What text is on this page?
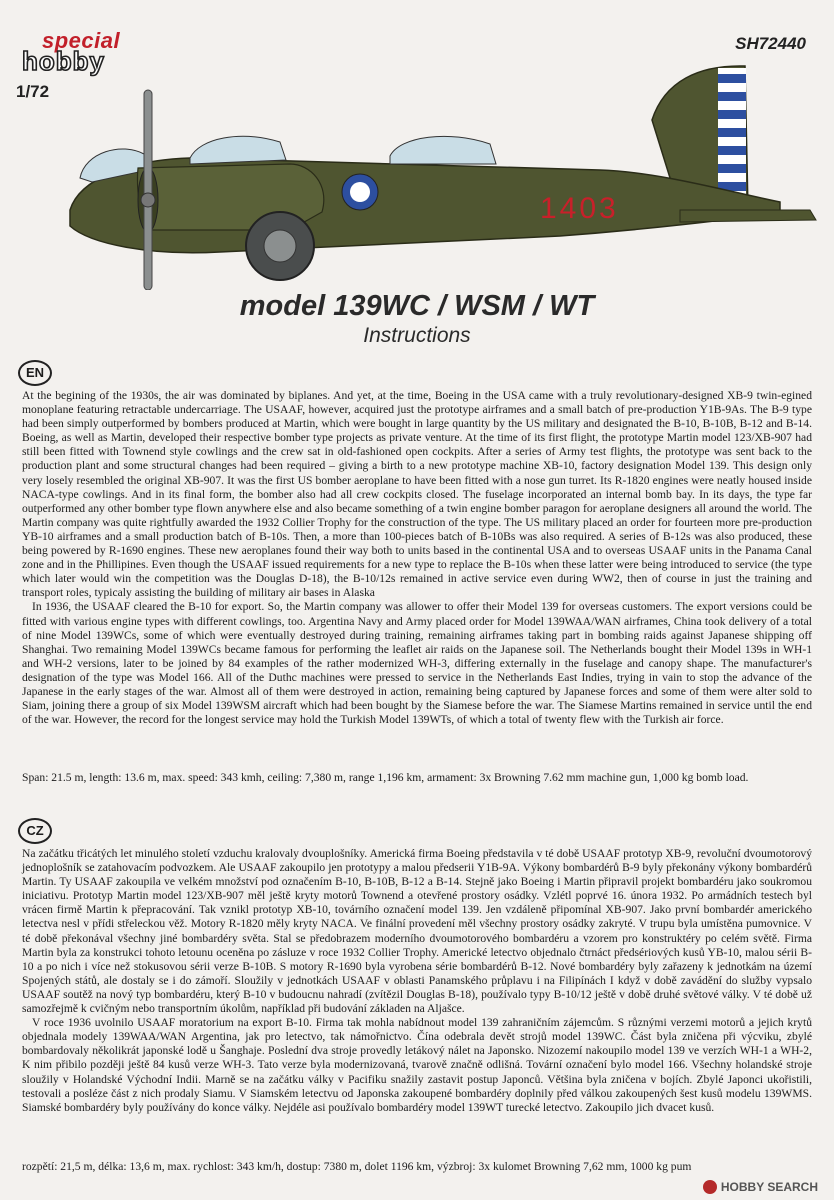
special
hobby
1/72
SH72440
1403
model 139WC / WSM / WT
Instructions
EN

At the begining of the 1930s, the air was dominated by biplanes. And yet, at the time, Boeing in the USA came with a truly revolutionary-designed XB-9 twin-egined monoplane featuring retractable undercarriage. The USAAF, however, acquired just the prototype airframes and a small batch of pre-production Y1B-9As. The B-9 type had been simply outperformed by bombers produced at Martin, which were bought in large quantity by the US military and designated the B-10, B-10B, B-12 and B-14. Boeing, as well as Martin, developed their respective bomber type projects as private venture. At the time of its first flight, the prototype Martin model 123/XB-907 had still been fitted with Townend style cowlings and the crew sat in old-fashioned open cockpits. After a series of Army test flights, the prototype was sent back to the production plant and some structural changes had been required – giving a birth to a new prototype machine XB-10, factory designation Model 139. This design only very losely resembled the original XB-907. It was the first US bomber aeroplane to have been fitted with a nose gun turret. Its R-1820 engines were neatly housed inside NACA-type cowlings. And in its final form, the bomber also had all crew cockpits closed. The fuselage incorporated an internal bomb bay. In its days, the type far outperformed any other bomber type flown anywhere else and also became something of a twin engine bomber paragon for aeroplane designers all around the world. The Martin company was quite rightfully awarded the 1932 Collier Trophy for the construction of the type. The US military placed an order for fourteen more pre-production YB-10 airframes and a small production batch of B-10s. Then, a more than 100-pieces batch of B-10Bs was also required. A series of B-12s was also produced, these being powered by R-1690 engines. These new aeroplanes found their way both to units based in the continental USA and to overseas USAAF units in the Panama Canal zone and in the Phillipines. Even though the USAAF issued requirements for a new type to replace the B-10s when these latter were being introduced to service (the type which later would win the competition was the Douglas D-18), the B-10/12s remained in active service even during WW2, then of course in just the training and transport roles, typicaly assisting the building of military air bases in Alaska

In 1936, the USAAF cleared the B-10 for export. So, the Martin company was allower to offer their Model 139 for overseas customers. The export versions could be fitted with various engine types with different cowlings, too. Argentina Navy and Army placed order for Model 139WAA/WAN airframes, China took delivery of a total of nine Model 139WCs, some of which were eventually destroyed during training, remaining airframes taking part in bombing raids against Japanese shipping off Shanghai. Two remaining Model 139WCs became famous for performing the leaflet air raids on the Japanese soil. The Netherlands bought their Model 139s in WH-1 and WH-2 versions, later to be joined by 84 examples of the rather modernized WH-3, differing externally in the fuselage and canopy shape. The manufacturer's designation of the type was Model 166. All of the Duthc machines were pressed to service in the Netherlands East Indies, trying in vain to stop the advance of the Japanese in the early stages of the war. Almost all of them were destroyed in action, remaining being captured by Japanese forces and some of them were alter sold to Siam, joining there a group of six Model 139WSM aircraft which had been bought by the Siamese before the war. The Siamese Martins remained in service until the end of the war. However, the record for the longest service may hold the Turkish Model 139WTs, of which a total of twenty flew with the Turkish air force.

Span: 21.5 m, length: 13.6 m, max. speed: 343 kmh, ceiling: 7,380 m, range 1,196 km, armament: 3x Browning 7.62 mm machine gun, 1,000 kg bomb load.
CZ

Na začátku třicátých let minulého století vzduchu kralovaly dvouplošníky. Americká firma Boeing představila v té době USAAF prototyp XB-9, revoluční dvoumotorový jednoplošník se zatahovacím podvozkem. Ale USAAF zakoupilo jen prototypy a malou předserii Y1B-9A. Výkony bombardérů B-9 byly překonány výkony bombardérů Martin. Ty USAAF zakoupila ve velkém množství pod označením B-10, B-10B, B-12 a B-14. Stejně jako Boeing i Martin připravil projekt bombardéru jako soukromou iniciativu. Prototyp Martin model 123/XB-907 měl ještě kryty motorů Townend a otevřené prostory osádky. Vzlétl poprvé 16. února 1932. Po armádních testech byl vrácen firmě Martin k přepracování. Tak vznikl prototyp XB-10, továrního označení model 139. Jen vzdáleně připomínal XB-907. Jako první bombardér amerického letectva nesl v přídi střeleckou věž. Motory R-1820 měly kryty NACA. Ve finální provedení měl všechny prostory osádky zakryté. V trupu byla umístěna pumovnice. V té době překonával všechny jiné bombardéry světa. Stal se předobrazem moderního dvoumotorového bombardéru a vzorem pro konstruktéry po celém světě. Firma Martin byla za konstrukci tohoto letounu oceněna po zásluze v roce 1932 Collier Trophy. Americké letectvo objednalo čtrnáct předsériových kusů YB-10, malou sérii B-10 a po nich i více než stokusovou sérii verze B-10B. S motory R-1690 byla vyrobena série bombardérů B-12. Nové bombardéry byly zařazeny k jednotkám na území Spojených států, ale dostaly se i do zámoří. Sloužily v jednotkách USAAF v oblasti Panamského průplavu i na Filipínách I když v době zavádění do služby vypsalo USAAF soutěž na nový typ bombardéru, který B-10 v budoucnu nahradí (zvítězil Douglas B-18), používalo typy B-10/12 ještě v době druhé světové války. V té době už samozřejmě k cvičným nebo transportním úkolům, například při budování základen na Aljašce.

V roce 1936 uvolnilo USAAF moratorium na export B-10. Firma tak mohla nabídnout model 139 zahraničním zájemcům. S různými verzemi motorů a jejich krytů objednala modely 139WAA/WAN Argentina, jak pro letectvo, tak námořnictvo. Čína odebrala devět strojů model 139WC. Část byla zničena při výcviku, zbylé bombardovaly několikrát japonské lodě u Šanghaje. Poslední dva stroje provedly letákový nálet na Japonsko. Nizozemí nakoupilo model 139 ve verzích WH-1 a WH-2, K nim přibilo později ještě 84 kusů verze WH-3. Tato verze byla modernizovaná, tvarově značně odlišná. Tovární označení bylo model 166. Všechny holandské stroje sloužily v Holandské Východní Indii. Marně se na začátku války v Pacifiku snažily zastavit postup Japonců. Většina byla zničena v bojích. Zbylé Japonci ukořistili, testovali a posléze část z nich prodaly Siamu. V Siamském letectvu od Japonska zakoupené bombardéry doplnily před válkou zakoupených šest kusů modelu 139WMS. Siamské bombardéry byly používány do konce války. Nejdéle asi používalo bombardéry model 139WT turecké letectvo. Zakoupilo jich dvacet kusů.

rozpětí: 21,5 m, délka: 13,6 m, max. rychlost: 343 km/h, dostup: 7380 m, dolet 1196 km, výzbroj: 3x kulomet Browning 7,62 mm, 1000 kg pum
HOBBY SEARCH
